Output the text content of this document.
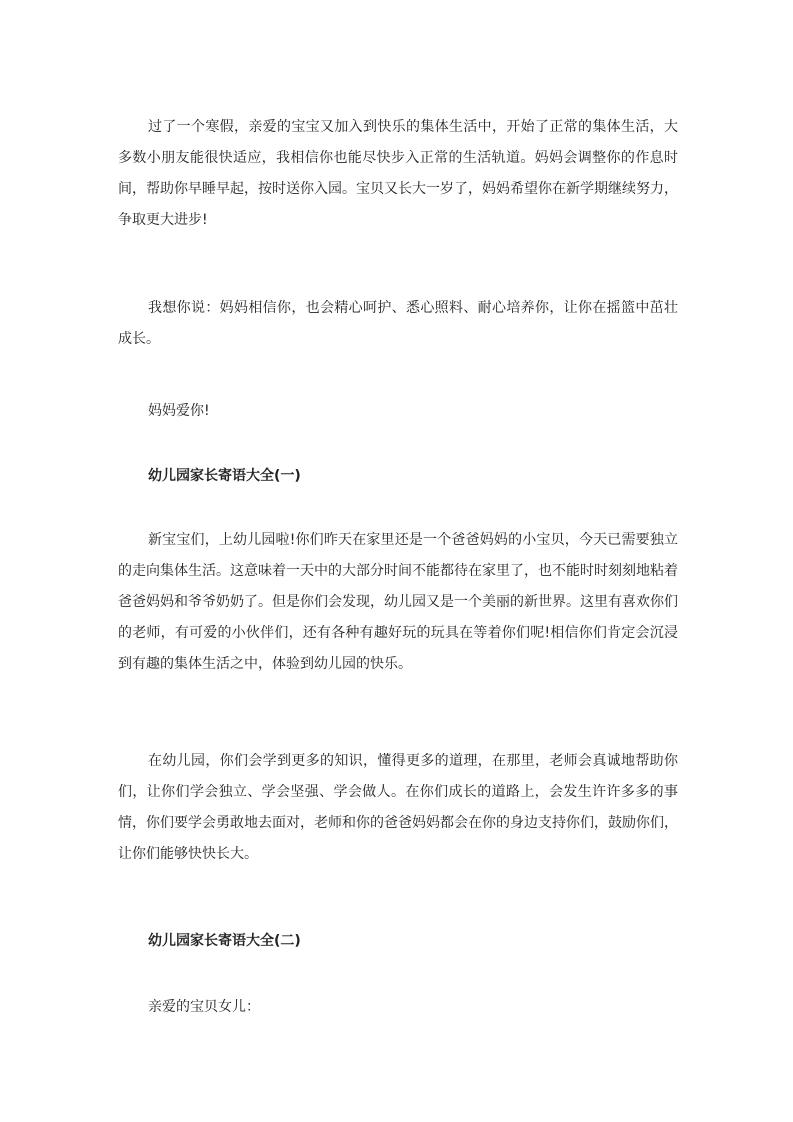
过了一个寒假，亲爱的宝宝又加入到快乐的集体生活中，开始了正常的集体生活，大多数小朋友能很快适应，我相信你也能尽快步入正常的生活轨道。妈妈会调整你的作息时间，帮助你早睡早起，按时送你入园。宝贝又长大一岁了，妈妈希望你在新学期继续努力，争取更大进步!

我想你说：妈妈相信你，也会精心呵护、悉心照料、耐心培养你，让你在摇篮中茁壮成长。

妈妈爱你!

幼儿园家长寄语大全(一)

新宝宝们，上幼儿园啦!你们昨天在家里还是一个爸爸妈妈的小宝贝，今天已需要独立的走向集体生活。这意味着一天中的大部分时间不能都待在家里了，也不能时时刻刻地粘着爸爸妈妈和爷爷奶奶了。但是你们会发现，幼儿园又是一个美丽的新世界。这里有喜欢你们的老师，有可爱的小伙伴们，还有各种有趣好玩的玩具在等着你们呢!相信你们肯定会沉浸到有趣的集体生活之中，体验到幼儿园的快乐。

在幼儿园，你们会学到更多的知识，懂得更多的道理，在那里，老师会真诚地帮助你们，让你们学会独立、学会坚强、学会做人。在你们成长的道路上，会发生许许多多的事情，你们要学会勇敢地去面对，老师和你的爸爸妈妈都会在你的身边支持你们，鼓励你们，让你们能够快快长大。

幼儿园家长寄语大全(二)

亲爱的宝贝女儿：
